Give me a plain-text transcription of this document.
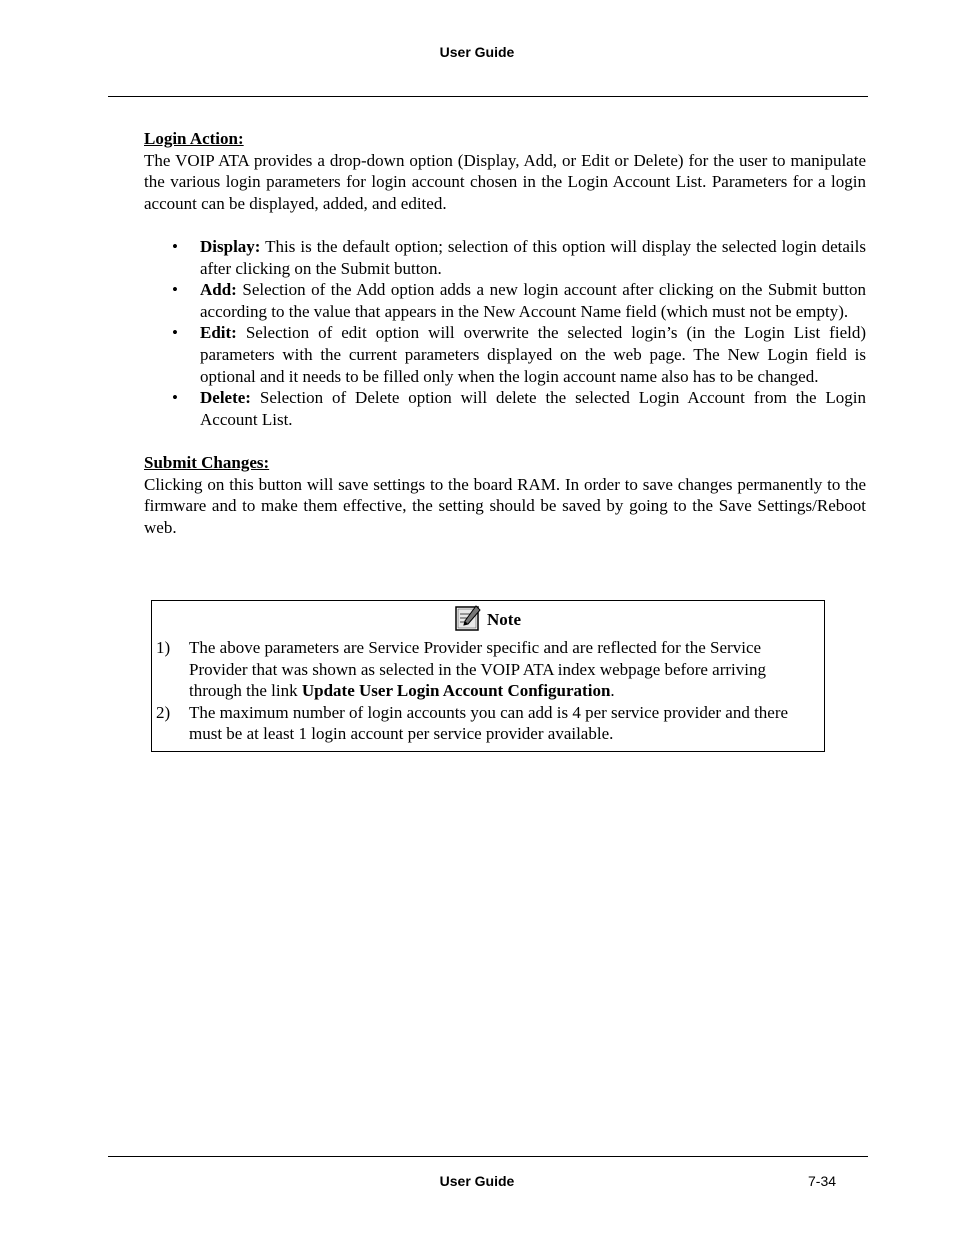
User Guide

Login Action:

The VOIP ATA provides a drop-down option (Display, Add, or Edit or Delete) for the user to manipulate the various login parameters for login account chosen in the Login Account List. Parameters for a login account can be displayed, added, and edited.

• Display: This is the default option; selection of this option will display the selected login details after clicking on the Submit button.
• Add: Selection of the Add option adds a new login account after clicking on the Submit button according to the value that appears in the New Account Name field (which must not be empty).
• Edit: Selection of edit option will overwrite the selected login’s (in the Login List field) parameters with the current parameters displayed on the web page. The New Login field is optional and it needs to be filled only when the login account name also has to be changed.
• Delete: Selection of Delete option will delete the selected Login Account from the Login Account List.

Submit Changes:

Clicking on this button will save settings to the board RAM. In order to save changes permanently to the firmware and to make them effective, the setting should be saved by going to the Save Settings/Reboot web.

Note
1) The above parameters are Service Provider specific and are reflected for the Service Provider that was shown as selected in the VOIP ATA index webpage before arriving through the link Update User Login Account Configuration.
2) The maximum number of login accounts you can add is 4 per service provider and there must be at least 1 login account per service provider available.
User Guide	7-34
